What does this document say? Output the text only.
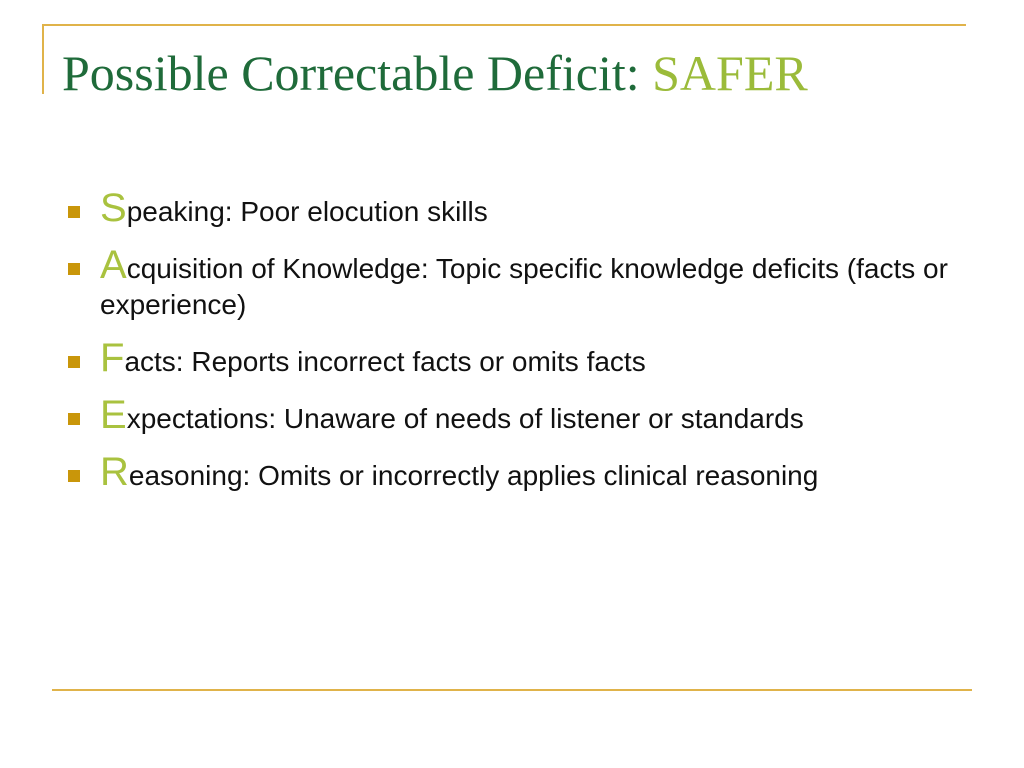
Possible Correctable Deficit: SAFER
Speaking: Poor elocution skills
Acquisition of Knowledge: Topic specific knowledge deficits (facts or experience)
Facts: Reports incorrect facts or omits facts
Expectations: Unaware of needs of listener or standards
Reasoning: Omits or incorrectly applies clinical reasoning
